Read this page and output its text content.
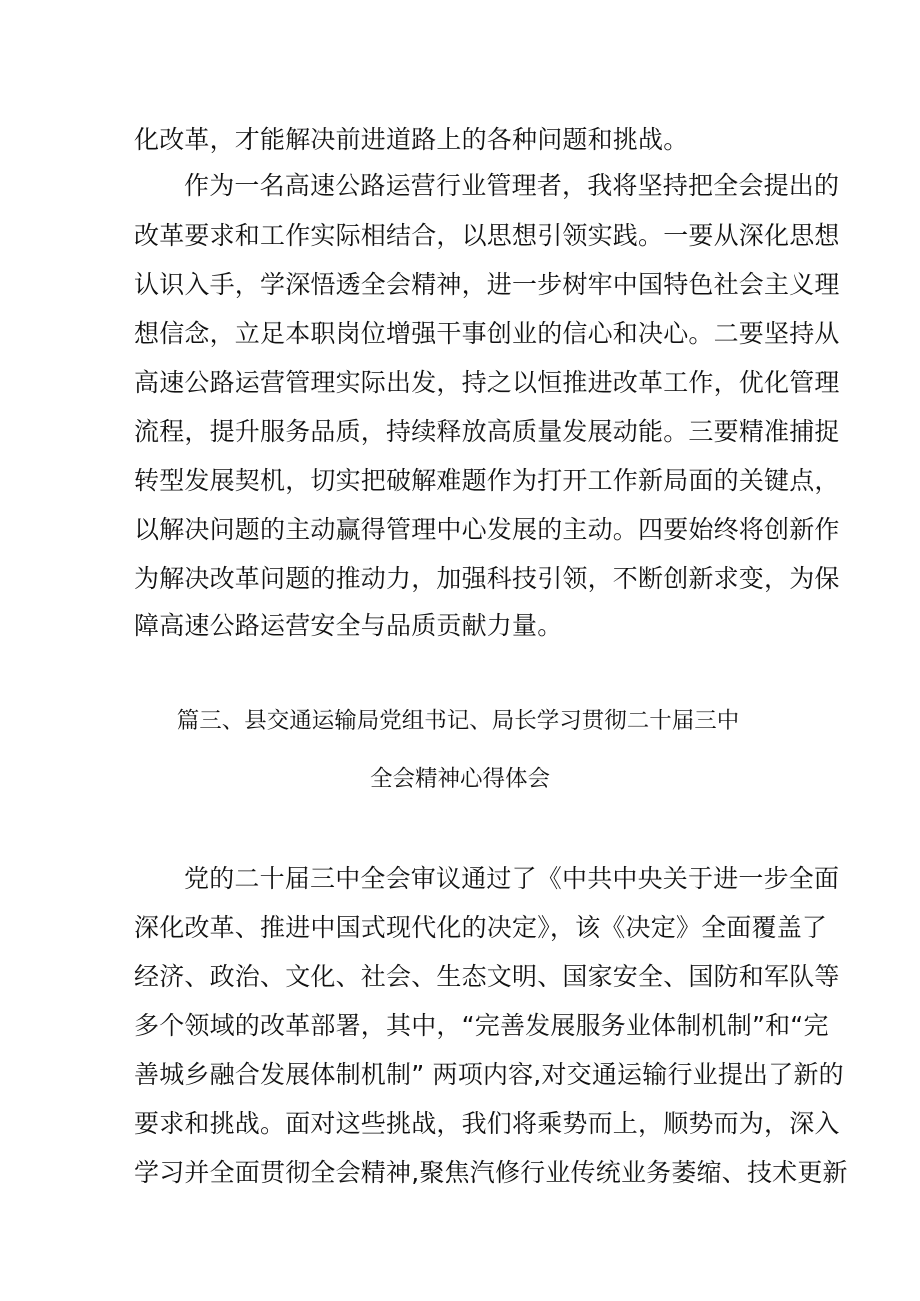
化改革，才能解决前进道路上的各种问题和挑战。
作为一名高速公路运营行业管理者，我将坚持把全会提出的
改革要求和工作实际相结合，以思想引领实践。一要从深化思想
认识入手，学深悟透全会精神，进一步树牢中国特色社会主义理
想信念，立足本职岗位增强干事创业的信心和决心。二要坚持从
高速公路运营管理实际出发，持之以恒推进改革工作，优化管理
流程，提升服务品质，持续释放高质量发展动能。三要精准捕捉
转型发展契机，切实把破解难题作为打开工作新局面的关键点，
以解决问题的主动赢得管理中心发展的主动。四要始终将创新作
为解决改革问题的推动力，加强科技引领，不断创新求变，为保
障高速公路运营安全与品质贡献力量。
篇三、县交通运输局党组书记、局长学习贯彻二十届三中
全会精神心得体会
党的二十届三中全会审议通过了《中共中央关于进一步全面
深化改革、推进中国式现代化的决定》，该《决定》全面覆盖了
经济、政治、文化、社会、生态文明、国家安全、国防和军队等
多个领域的改革部署，其中，“完善发展服务业体制机制”和“完
善城乡融合发展体制机制” 两项内容,对交通运输行业提出了新的
要求和挑战。面对这些挑战，我们将乘势而上，顺势而为，深入
学习并全面贯彻全会精神,聚焦汽修行业传统业务萎缩、技术更新
